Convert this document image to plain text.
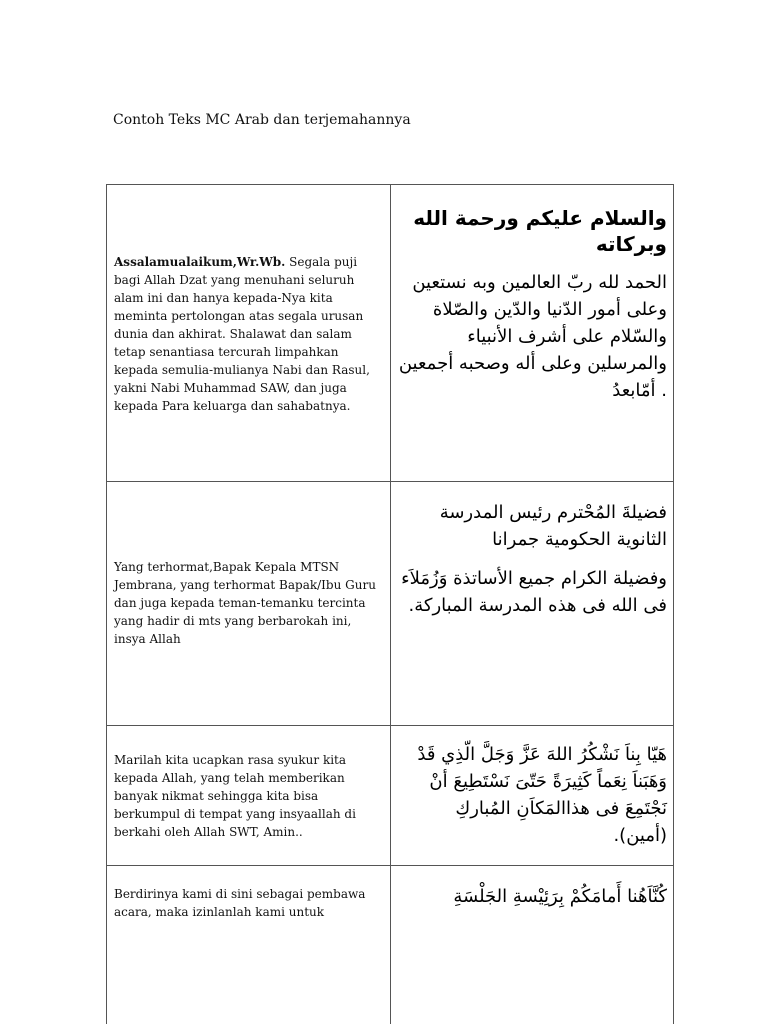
Contoh Teks MC Arab dan terjemahannya
Assalamualaikum,Wr.Wb. Segala puji bagi Allah Dzat yang menuhani seluruh alam ini dan hanya kepada-Nya kita meminta pertolongan atas segala urusan dunia dan akhirat. Shalawat dan salam tetap senantiasa tercurah limpahkan kepada semulia-mulianya Nabi dan Rasul, yakni Nabi Muhammad SAW, dan juga kepada Para keluarga dan sahabatnya.

والسلام عليكم ورحمة الله وبركاته

الحمد لله ربّ العالمين وبه نستعين وعلى أمور الدّنيا والدّين والصّلاة والسّلام على أشرف الأنبياء والمرسلين وعلى أله وصحبه أجمعين . أمّابعدُ

Yang terhormat,Bapak Kepala MTSN Jembrana, yang terhormat Bapak/Ibu Guru dan juga kepada teman-temanku tercinta yang hadir di mts yang berbarokah ini, insya Allah

فضيلةَ المُحْترم رئيس المدرسة الثانوية الحكومية جمرانا

وفضيلة الكرام جميع الأساتذة وَزُمَلاَء فى الله فى هذه المدرسة المباركة.

Marilah kita ucapkan rasa syukur kita kepada Allah, yang telah memberikan banyak nikmat sehingga kita bisa berkumpul di tempat yang insyaallah di berkahi oleh Allah SWT, Amin..

هَيّا بِناَ نَشْكُرُ اللهَ عَزَّ وَجَلَّ الّذِي قَدْ وَهَبَناَ نِعَماً كَثِيرَةً حَتّىَ نَسْتَطِيعَ أنْ نَجْتَمِعَ فى هذاالمَكاَنِ المُباركِ (أمين).

Berdirinya kami di sini sebagai pembawa acara, maka izinlanlah kami untuk

كُنَّاَهُنا أَمامَكُمْ بِرَئِيْسةِ الجَلْسَةِ
